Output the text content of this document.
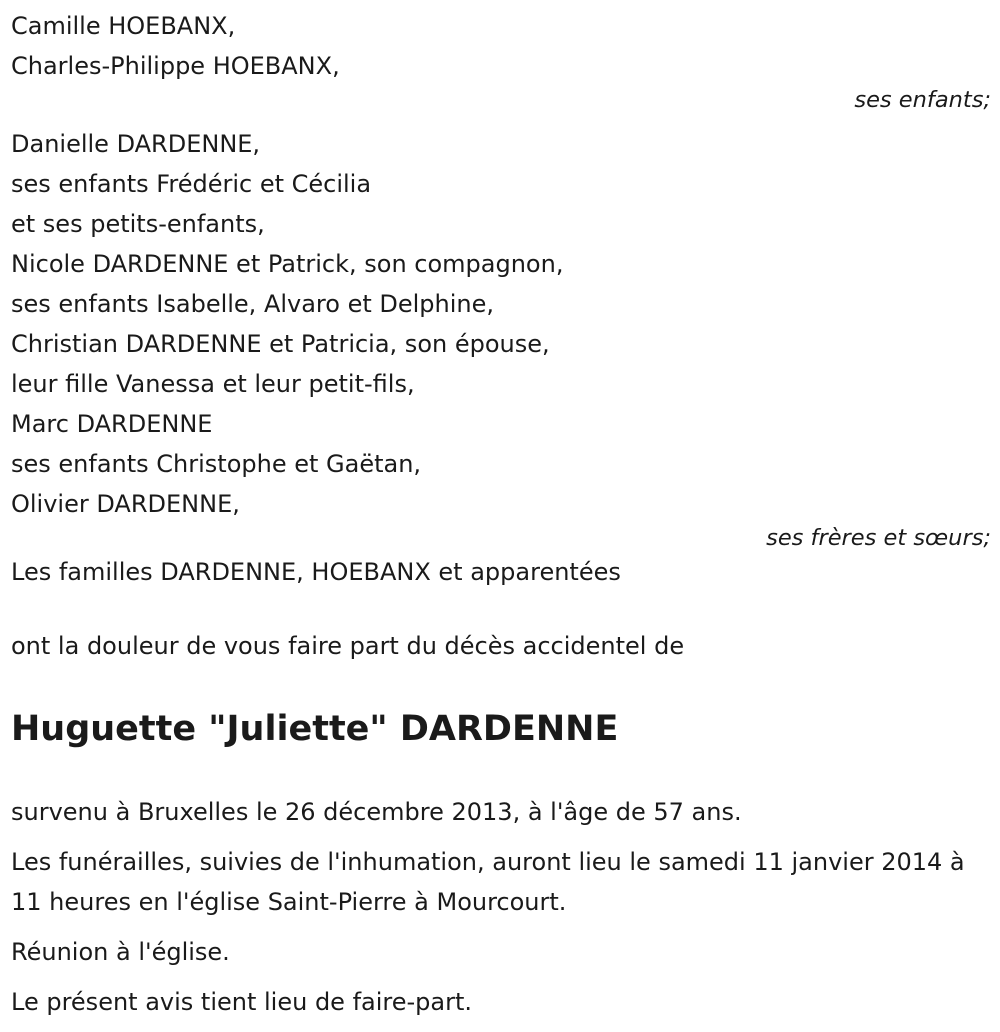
Camille HOEBANX,
Charles-Philippe HOEBANX,
ses enfants;
Danielle DARDENNE,
ses enfants Frédéric et Cécilia
et ses petits-enfants,
Nicole DARDENNE et Patrick, son compagnon,
ses enfants Isabelle, Alvaro et Delphine,
Christian DARDENNE et Patricia, son épouse,
leur fille Vanessa et leur petit-fils,
Marc DARDENNE
ses enfants Christophe et Gaëtan,
Olivier DARDENNE,
ses frères et sœurs;
Les familles DARDENNE, HOEBANX et apparentées
ont la douleur de vous faire part du décès accidentel de
Huguette "Juliette" DARDENNE
survenu à Bruxelles le 26 décembre 2013, à l'âge de 57 ans.
Les funérailles, suivies de l'inhumation, auront lieu le samedi 11 janvier 2014 à 11 heures en l'église Saint-Pierre à Mourcourt.
Réunion à l'église.
Le présent avis tient lieu de faire-part.
